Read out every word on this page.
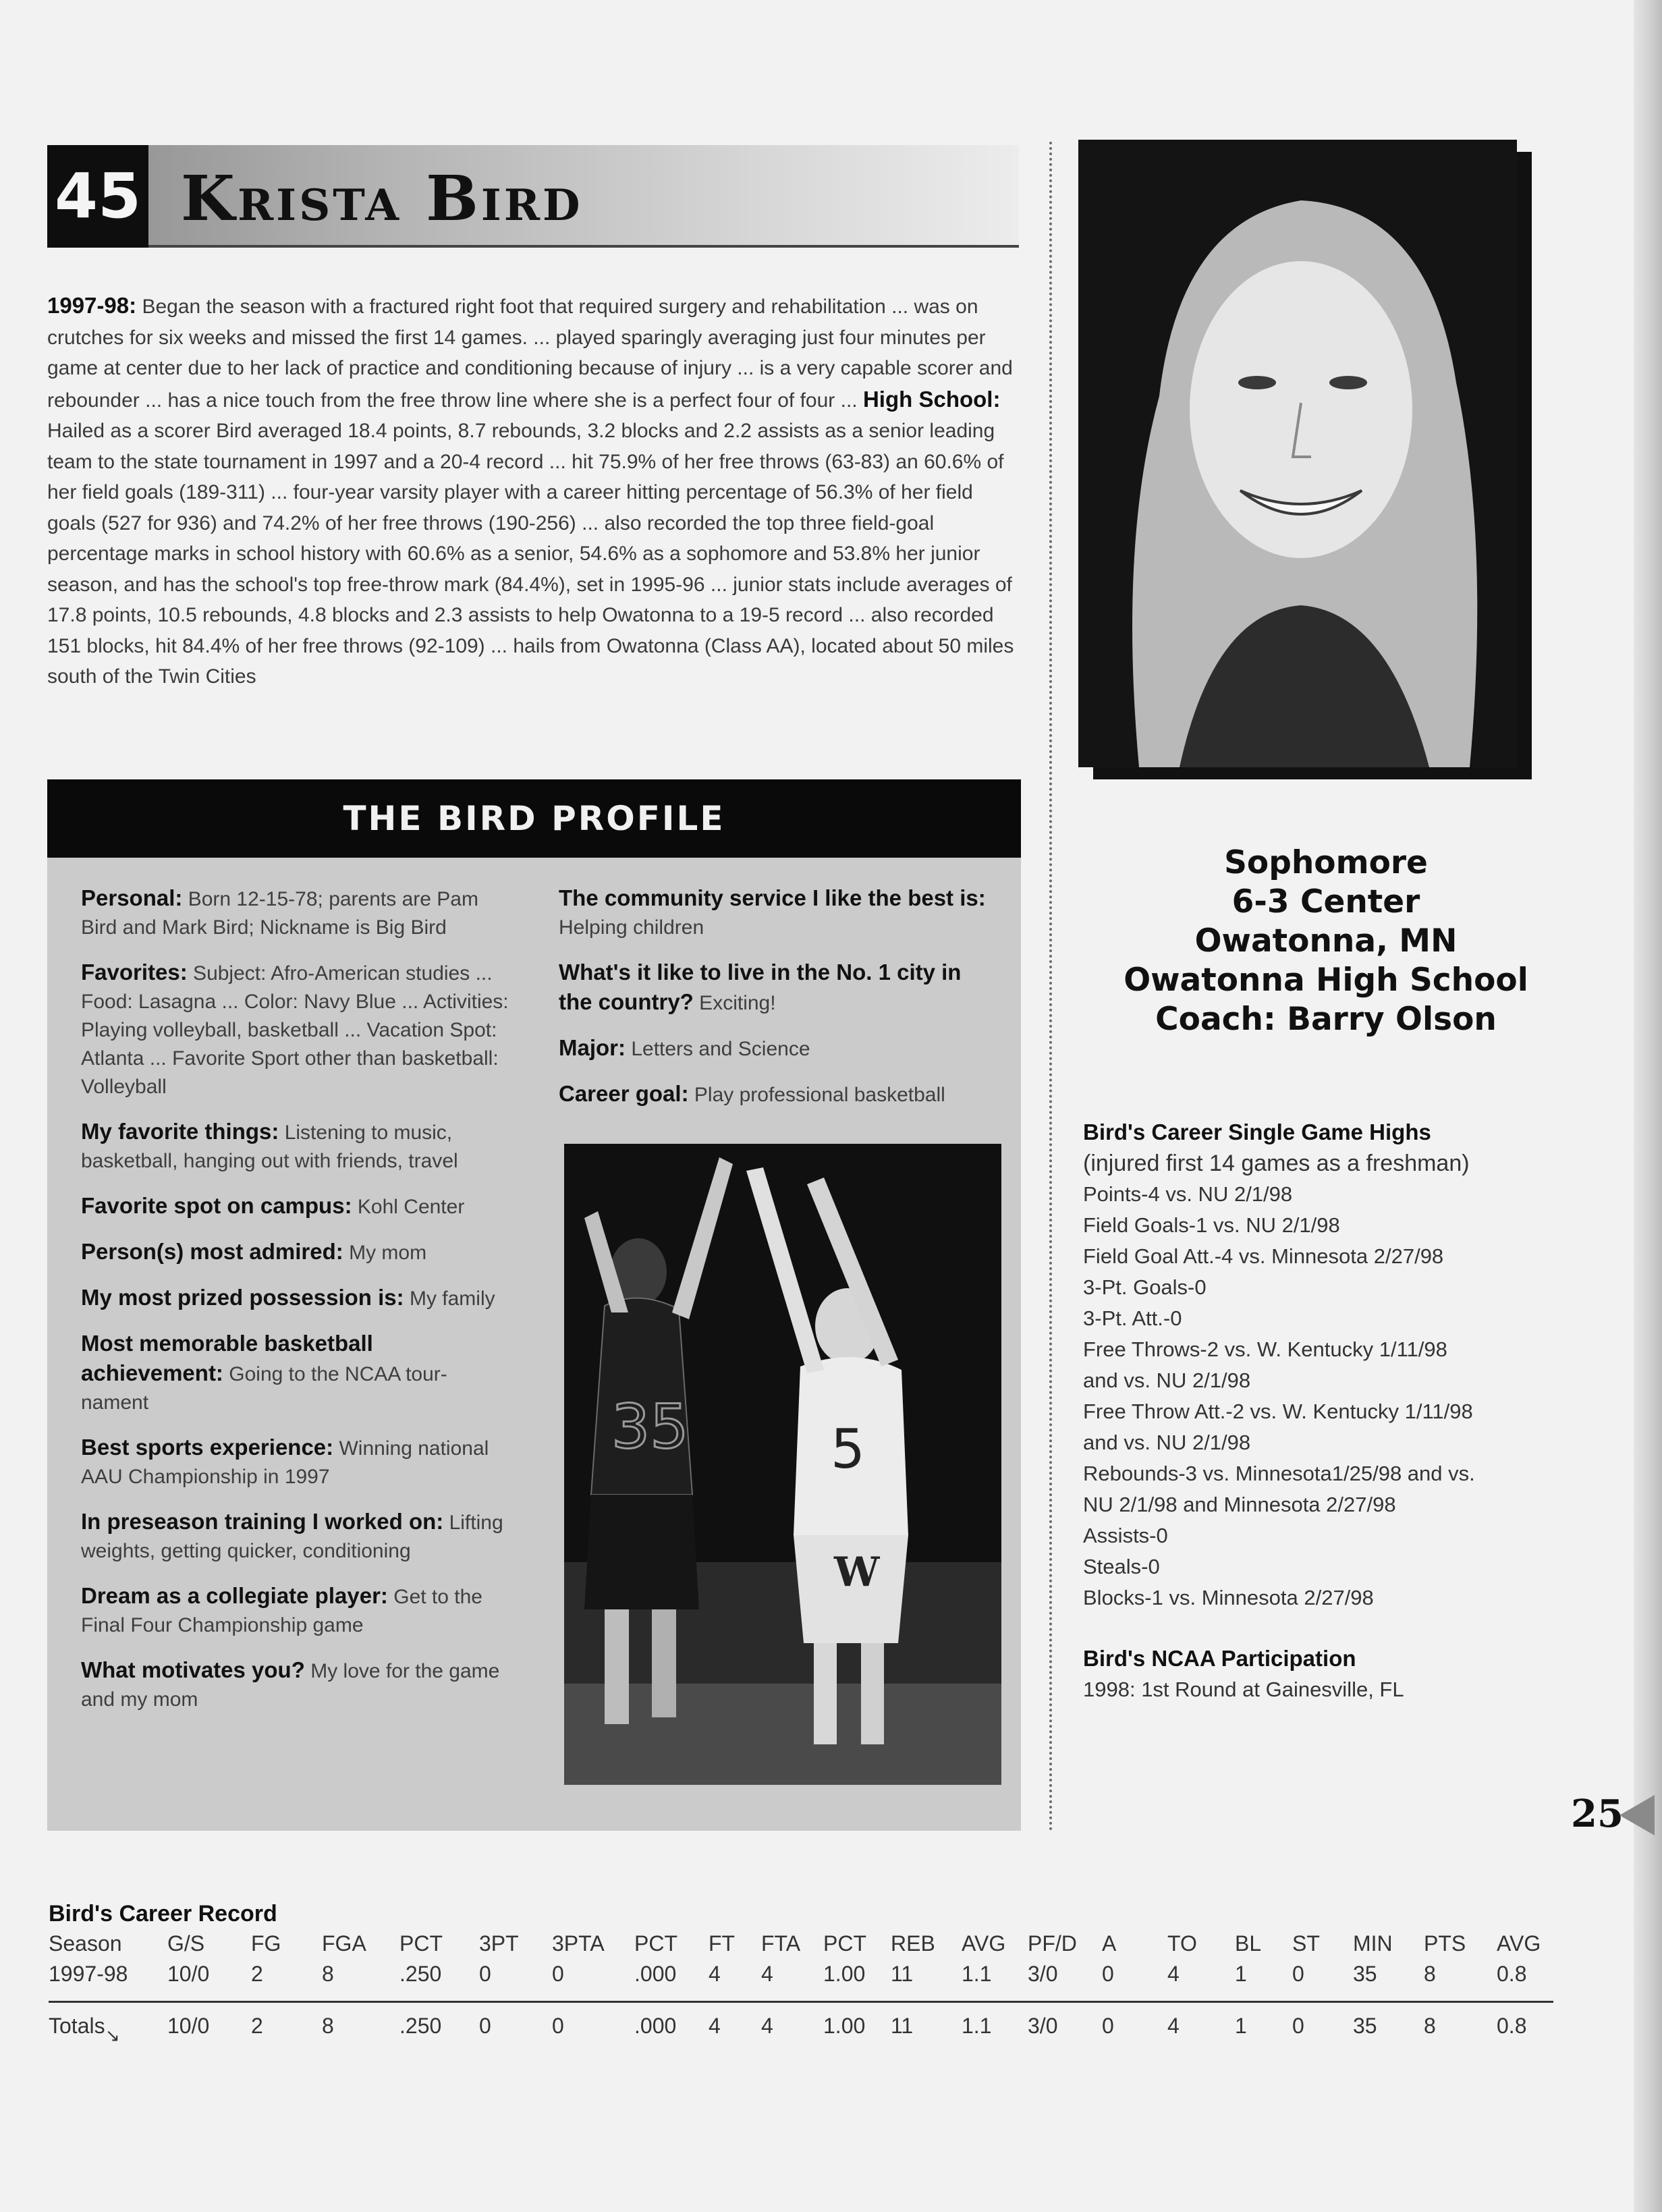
45 Krista Bird
1997-98: Began the season with a fractured right foot that required surgery and rehabilitation ... was on crutches for six weeks and missed the first 14 games. ... played sparingly averaging just four minutes per game at center due to her lack of practice and conditioning because of injury ... is a very capable scorer and rebounder ... has a nice touch from the free throw line where she is a perfect four of four ... High School: Hailed as a scorer Bird averaged 18.4 points, 8.7 rebounds, 3.2 blocks and 2.2 assists as a senior leading team to the state tournament in 1997 and a 20-4 record ... hit 75.9% of her free throws (63-83) an 60.6% of her field goals (189-311) ... four-year varsity player with a career hitting percentage of 56.3% of her field goals (527 for 936) and 74.2% of her free throws (190-256) ... also recorded the top three field-goal percentage marks in school history with 60.6% as a senior, 54.6% as a sophomore and 53.8% her junior season, and has the school's top free-throw mark (84.4%), set in 1995-96 ... junior stats include averages of 17.8 points, 10.5 rebounds, 4.8 blocks and 2.3 assists to help Owatonna to a 19-5 record ... also recorded 151 blocks, hit 84.4% of her free throws (92-109) ... hails from Owatonna (Class AA), located about 50 miles south of the Twin Cities
THE BIRD PROFILE
Personal: Born 12-15-78; parents are Pam Bird and Mark Bird; Nickname is Big Bird
Favorites: Subject: Afro-American studies ... Food: Lasagna ... Color: Navy Blue ... Activities: Playing volleyball, basketball ... Vacation Spot: Atlanta ... Favorite Sport other than basketball: Volleyball
My favorite things: Listening to music, basketball, hanging out with friends, travel
Favorite spot on campus: Kohl Center
Person(s) most admired: My mom
My most prized possession is: My family
Most memorable basketball achievement: Going to the NCAA tour-nament
Best sports experience: Winning national AAU Championship in 1997
In preseason training I worked on: Lifting weights, getting quicker, conditioning
Dream as a collegiate player: Get to the Final Four Championship game
What motivates you? My love for the game and my mom
The community service I like the best is: Helping children
What's it like to live in the No. 1 city in the country? Exciting!
Major: Letters and Science
Career goal: Play professional basketball
35	5
W
Sophomore
6-3 Center
Owatonna, MN
Owatonna High School
Coach: Barry Olson
Bird's Career Single Game Highs
(injured first 14 games as a freshman)
Points-4 vs. NU 2/1/98
Field Goals-1 vs. NU 2/1/98
Field Goal Att.-4 vs. Minnesota 2/27/98
3-Pt. Goals-0
3-Pt. Att.-0
Free Throws-2 vs. W. Kentucky 1/11/98
and vs. NU 2/1/98
Free Throw Att.-2 vs. W. Kentucky 1/11/98
and vs. NU 2/1/98
Rebounds-3 vs. Minnesota1/25/98 and vs.
NU 2/1/98 and Minnesota 2/27/98
Assists-0
Steals-0
Blocks-1 vs. Minnesota 2/27/98
Bird's NCAA Participation
1998: 1st Round at Gainesville, FL
25
Bird's Career Record
Season G/S FG FGA PCT 3PT 3PTA PCT FT FTA PCT REB AVG PF/D A TO BL ST MIN PTS AVG
1997-98 10/0 2	8	.250 0	0	.000 4 4 1.00 11 1.1 3/0 0 4	1 0 35 8	0.8
↘
Totals	10/0 2	8	.250 0	0	.000 4 4 1.00 11 1.1 3/0 0 4	1 0 35 8	0.8
